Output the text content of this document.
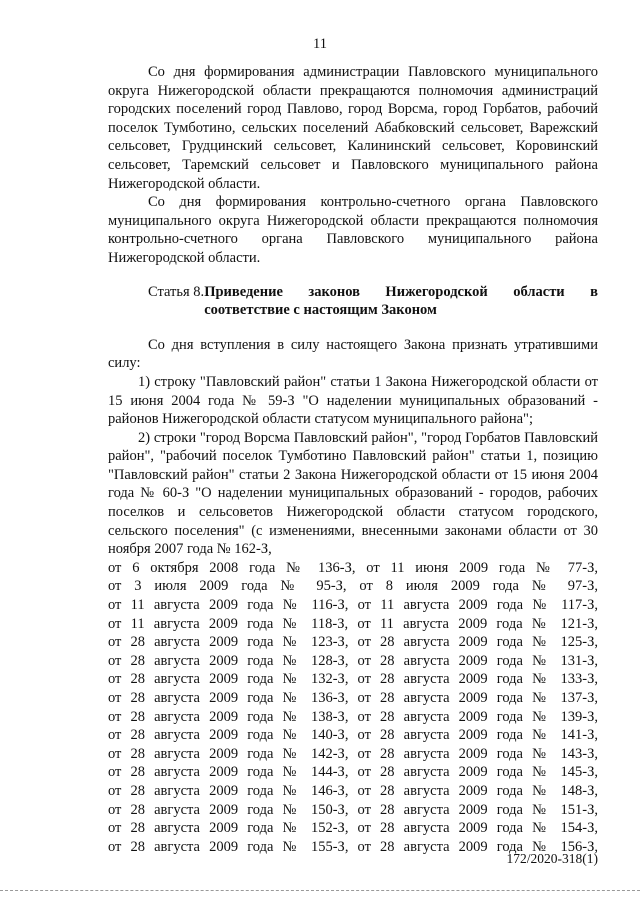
11

Со дня формирования администрации Павловского муниципального округа Нижегородской области прекращаются полномочия администраций городских поселений город Павлово, город Ворсма, город Горбатов, рабочий поселок Тумботино, сельских поселений Абабковский сельсовет, Варежский сельсовет, Грудцинский сельсовет, Калининский сельсовет, Коровинский сельсовет, Таремский сельсовет и Павловского муниципального района Нижегородской области.

Со дня формирования контрольно-счетного органа Павловского муниципального округа Нижегородской области прекращаются полномочия контрольно-счетного органа Павловского муниципального района Нижегородской области.

Статья 8. Приведение законов Нижегородской области в соответствие с настоящим Законом

Со дня вступления в силу настоящего Закона признать утратившими силу:

1) строку "Павловский район" статьи 1 Закона Нижегородской области от 15 июня 2004 года № 59-З "О наделении муниципальных образований - районов Нижегородской области статусом муниципального района";

2) строки "город Ворсма Павловский район", "город Горбатов Павловский район", "рабочий поселок Тумботино Павловский район" статьи 1, позицию "Павловский район" статьи 2 Закона Нижегородской области от 15 июня 2004 года № 60-З "О наделении муниципальных образований - городов, рабочих поселков и сельсоветов Нижегородской области статусом городского, сельского поселения" (с изменениями, внесенными законами области от 30 ноября 2007 года № 162-З,

от 6 октября 2008 года № 136-З, от 11 июня 2009 года № 77-З,
от 3 июля 2009 года № 95-З, от 8 июля 2009 года № 97-З,
от 11 августа 2009 года № 116-З, от 11 августа 2009 года № 117-З,
от 11 августа 2009 года № 118-З, от 11 августа 2009 года № 121-З,
от 28 августа 2009 года № 123-З, от 28 августа 2009 года № 125-З,
от 28 августа 2009 года № 128-З, от 28 августа 2009 года № 131-З,
от 28 августа 2009 года № 132-З, от 28 августа 2009 года № 133-З,
от 28 августа 2009 года № 136-З, от 28 августа 2009 года № 137-З,
от 28 августа 2009 года № 138-З, от 28 августа 2009 года № 139-З,
от 28 августа 2009 года № 140-З, от 28 августа 2009 года № 141-З,
от 28 августа 2009 года № 142-З, от 28 августа 2009 года № 143-З,
от 28 августа 2009 года № 144-З, от 28 августа 2009 года № 145-З,
от 28 августа 2009 года № 146-З, от 28 августа 2009 года № 148-З,
от 28 августа 2009 года № 150-З, от 28 августа 2009 года № 151-З,
от 28 августа 2009 года № 152-З, от 28 августа 2009 года № 154-З,
от 28 августа 2009 года № 155-З, от 28 августа 2009 года № 156-З,
172/2020-318(1)
